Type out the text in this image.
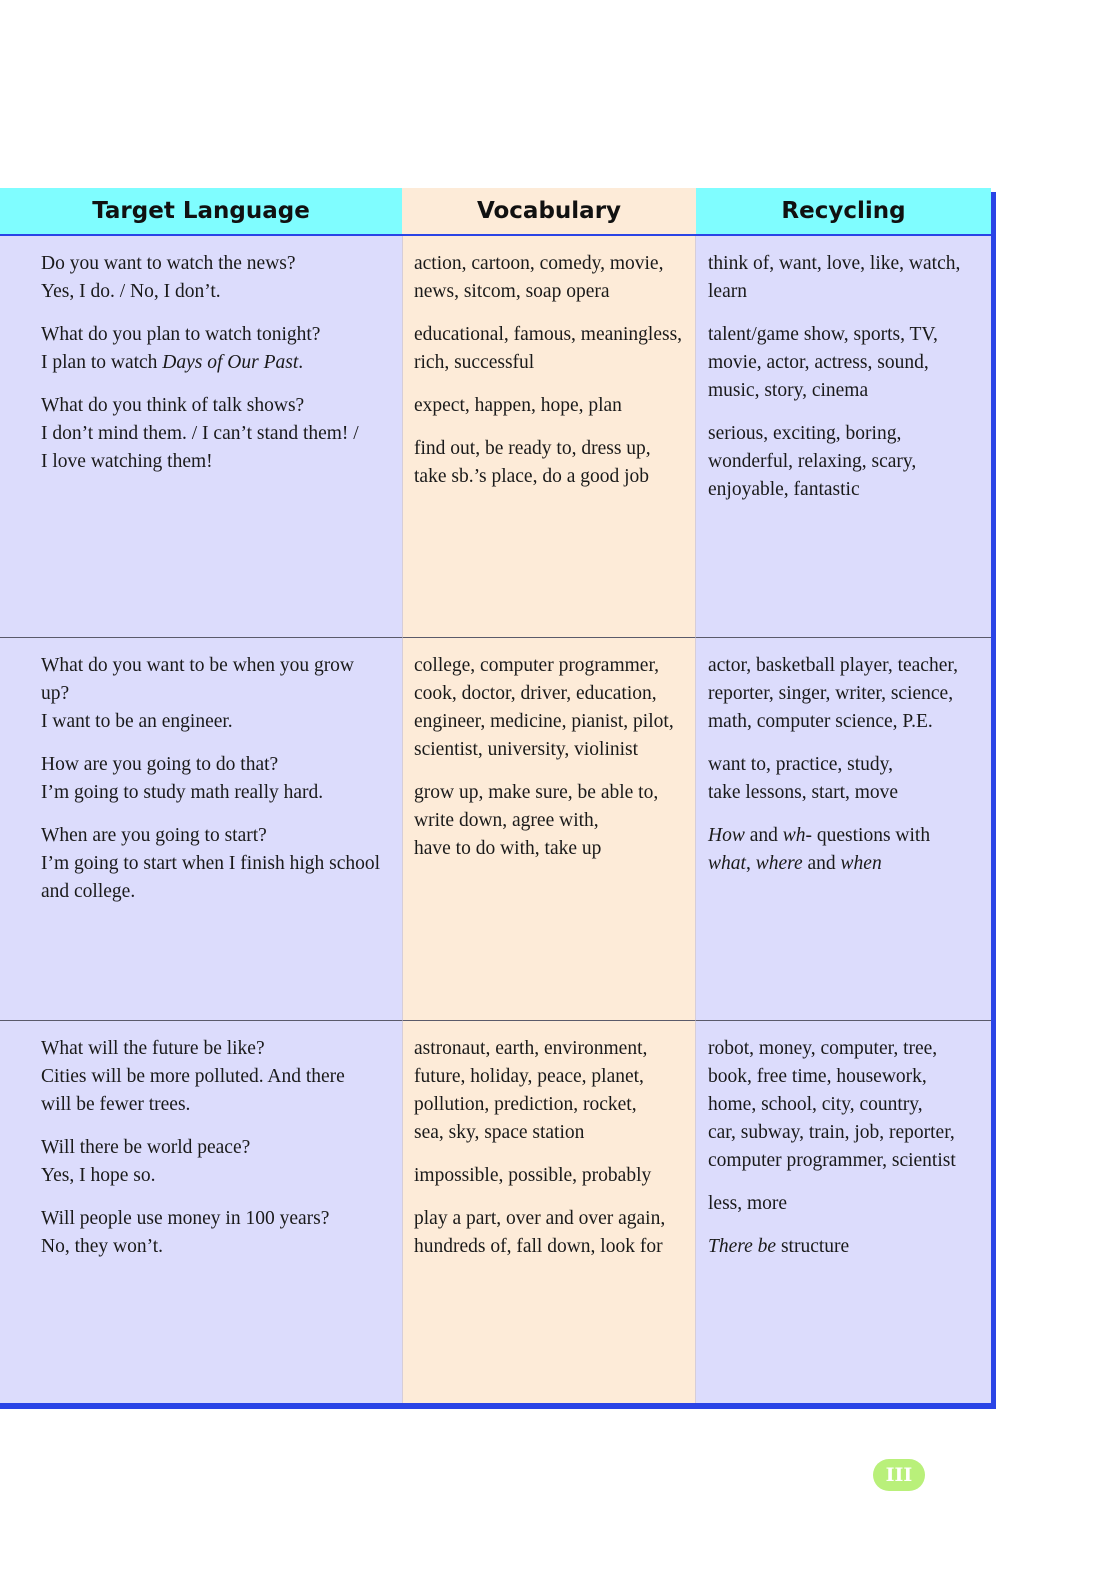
Target Language	Vocabulary	Recycling
Do you want to watch the news?
Yes, I do. / No, I don’t.
What do you plan to watch tonight?
I plan to watch Days of Our Past.
What do you think of talk shows?
I don’t mind them. / I can’t stand them! /
I love watching them!
action, cartoon, comedy, movie,
news, sitcom, soap opera
educational, famous, meaningless,
rich, successful
expect, happen, hope, plan
find out, be ready to, dress up,
take sb.’s place, do a good job
think of, want, love, like, watch,
learn
talent/game show, sports, TV,
movie, actor, actress, sound,
music, story, cinema
serious, exciting, boring,
wonderful, relaxing, scary,
enjoyable, fantastic
What do you want to be when you grow
up?
I want to be an engineer.
How are you going to do that?
I’m going to study math really hard.
When are you going to start?
I’m going to start when I finish high school
and college.
college, computer programmer,
cook, doctor, driver, education,
engineer, medicine, pianist, pilot,
scientist, university, violinist
grow up, make sure, be able to,
write down, agree with,
have to do with, take up
actor, basketball player, teacher,
reporter, singer, writer, science,
math, computer science, P.E.
want to, practice, study,
take lessons, start, move
How and wh- questions with
what, where and when
What will the future be like?
Cities will be more polluted. And there
will be fewer trees.
Will there be world peace?
Yes, I hope so.
Will people use money in 100 years?
No, they won’t.
astronaut, earth, environment,
future, holiday, peace, planet,
pollution, prediction, rocket,
sea, sky, space station
impossible, possible, probably
play a part, over and over again,
hundreds of, fall down, look for
robot, money, computer, tree,
book, free time, housework,
home, school, city, country,
car, subway, train, job, reporter,
computer programmer, scientist
less, more
There be structure
III
